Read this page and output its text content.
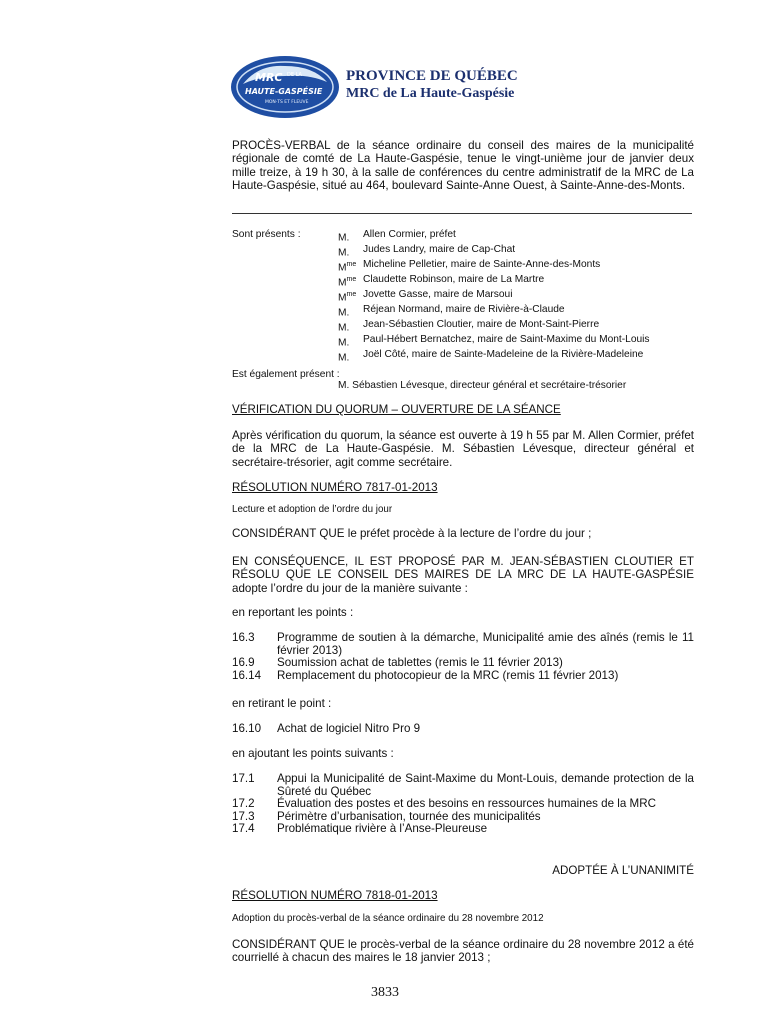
MRC DE LA
HAUTE-GASPÉSIE
MON·TS ET FLEUVE
PROVINCE DE QUÉBEC
MRC de La Haute-Gaspésie
PROCÈS-VERBAL de la séance ordinaire du conseil des maires de la municipalité régionale de comté de La Haute-Gaspésie, tenue le vingt-unième jour de janvier deux mille treize, à 19 h 30, à la salle de conférences du centre administratif de la MRC de La Haute-Gaspésie, situé au 464, boulevard Sainte-Anne Ouest, à Sainte-Anne-des-Monts.
Sont présents :	M.	Allen Cormier, préfet
M.	Judes Landry, maire de Cap-Chat
$M^{me}$ Micheline Pelletier, maire de Sainte-Anne-des-Monts
$M^{me}$ Claudette Robinson, maire de La Martre
$M^{me}$ Jovette Gasse, maire de Marsoui
M.	Réjean Normand, maire de Rivière-à-Claude
M.	Jean-Sébastien Cloutier, maire de Mont-Saint-Pierre
M.	Paul-Hébert Bernatchez, maire de Saint-Maxime du Mont-Louis
M.	Joël Côté, maire de Sainte-Madeleine de la Rivière-Madeleine
Est également présent :
M. Sébastien Lévesque, directeur général et secrétaire-trésorier
VÉRIFICATION DU QUORUM – OUVERTURE DE LA SÉANCE
Après vérification du quorum, la séance est ouverte à 19 h 55 par M. Allen Cormier, préfet de la MRC de La Haute-Gaspésie. M. Sébastien Lévesque, directeur général et secrétaire-trésorier, agit comme secrétaire.
RÉSOLUTION NUMÉRO 7817-01-2013
Lecture et adoption de l’ordre du jour
CONSIDÉRANT QUE le préfet procède à la lecture de l’ordre du jour ;
EN CONSÉQUENCE, IL EST PROPOSÉ PAR M. JEAN-SÉBASTIEN CLOUTIER ET RÉSOLU QUE LE CONSEIL DES MAIRES DE LA MRC DE LA HAUTE-GASPÉSIE adopte l’ordre du jour de la manière suivante :
en reportant les points :
16.3	Programme de soutien à la démarche, Municipalité amie des aînés (remis le 11 février 2013)
16.9	Soumission achat de tablettes (remis le 11 février 2013)
16.14	Remplacement du photocopieur de la MRC (remis 11 février 2013)
en retirant le point :
16.10	Achat de logiciel Nitro Pro 9
en ajoutant les points suivants :
17.1	Appui la Municipalité de Saint-Maxime du Mont-Louis, demande protection de la Sûreté du Québec
17.2	Évaluation des postes et des besoins en ressources humaines de la MRC
17.3	Périmètre d’urbanisation, tournée des municipalités
17.4	Problématique rivière à l’Anse-Pleureuse
ADOPTÉE À L’UNANIMITÉ
RÉSOLUTION NUMÉRO 7818-01-2013
Adoption du procès-verbal de la séance ordinaire du 28 novembre 2012
CONSIDÉRANT QUE le procès-verbal de la séance ordinaire du 28 novembre 2012 a été courriellé à chacun des maires le 18 janvier 2013 ;
3833
